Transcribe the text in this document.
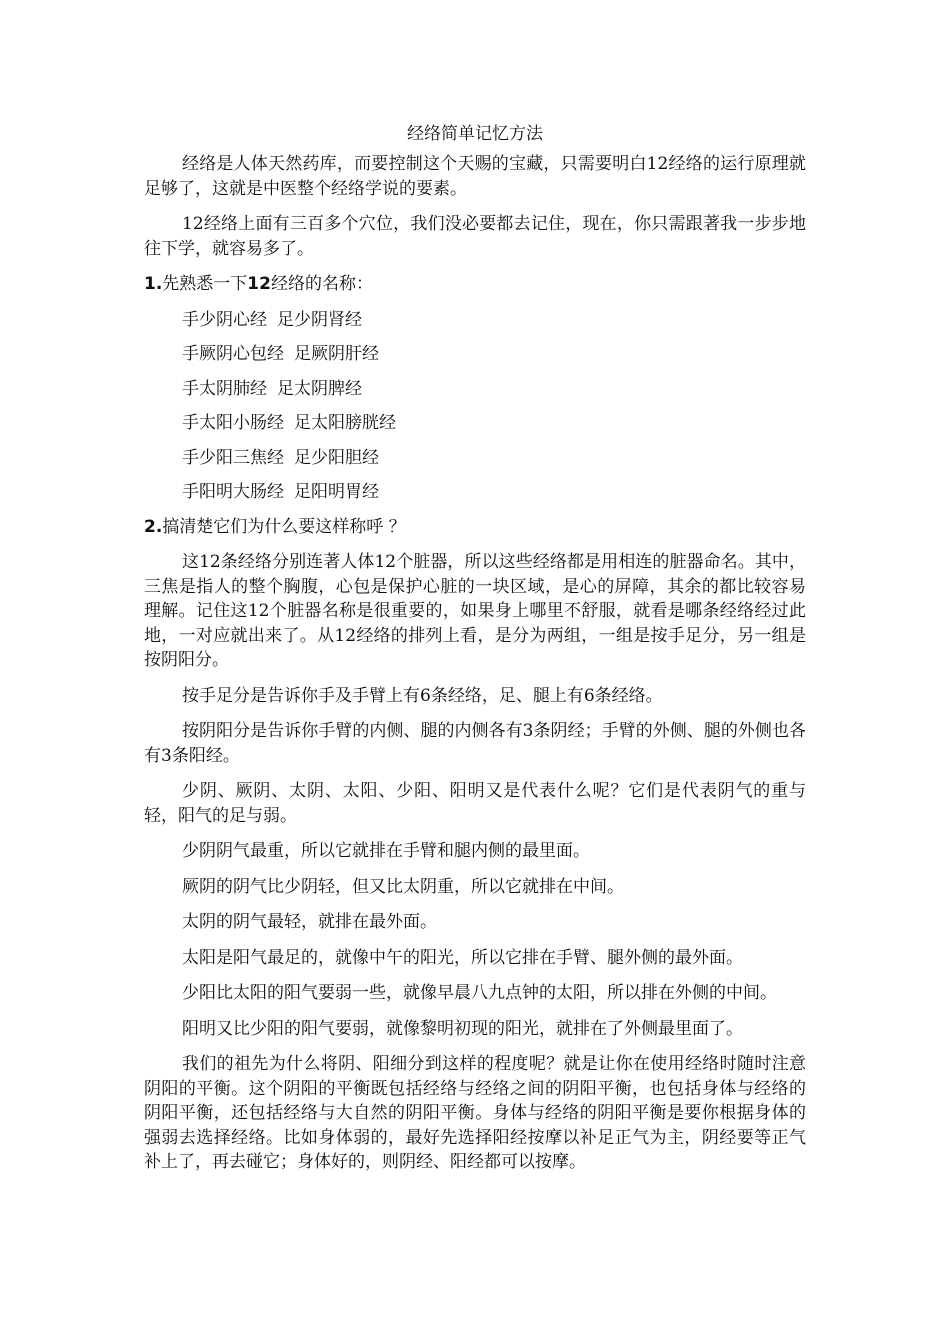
经络简单记忆方法

经络是人体天然药库，而要控制这个天赐的宝藏，只需要明白12经络的运行原理就足够了，这就是中医整个经络学说的要素。

12经络上面有三百多个穴位，我们没必要都去记住，现在，你只需跟著我一步步地往下学，就容易多了。

1.先熟悉一下12经络的名称：
手少阴心经 足少阴肾经
手厥阴心包经 足厥阴肝经
手太阴肺经 足太阴脾经
手太阳小肠经 足太阳膀胱经
手少阳三焦经 足少阳胆经
手阳明大肠经 足阳明胃经
2.搞清楚它们为什么要这样称呼 ？

这12条经络分别连著人体12个脏器，所以这些经络都是用相连的脏器命名。其中，三焦是指人的整个胸腹，心包是保护心脏的一块区域，是心的屏障，其余的都比较容易理解。记住这12个脏器名称是很重要的，如果身上哪里不舒服，就看是哪条经络经过此地，一对应就出来了。从12经络的排列上看，是分为两组，一组是按手足分，另一组是按阴阳分。

按手足分是告诉你手及手臂上有6条经络，足、腿上有6条经络。

按阴阳分是告诉你手臂的内侧、腿的内侧各有3条阴经；手臂的外侧、腿的外侧也各有3条阳经。

少阴、厥阴、太阴、太阳、少阳、阳明又是代表什么呢？它们是代表阴气的重与轻，阳气的足与弱。

少阴阴气最重，所以它就排在手臂和腿内侧的最里面。

厥阴的阴气比少阴轻，但又比太阴重，所以它就排在中间。

太阴的阴气最轻，就排在最外面。

太阳是阳气最足的，就像中午的阳光，所以它排在手臂、腿外侧的最外面。

少阳比太阳的阳气要弱一些，就像早晨八九点钟的太阳，所以排在外侧的中间。

阳明又比少阳的阳气要弱，就像黎明初现的阳光，就排在了外侧最里面了。

我们的祖先为什么将阴、阳细分到这样的程度呢？就是让你在使用经络时随时注意阴阳的平衡。这个阴阳的平衡既包括经络与经络之间的阴阳平衡，也包括身体与经络的阴阳平衡，还包括经络与大自然的阴阳平衡。身体与经络的阴阳平衡是要你根据身体的强弱去选择经络。比如身体弱的，最好先选择阳经按摩以补足正气为主，阴经要等正气补上了，再去碰它；身体好的，则阴经、阳经都可以按摩。
